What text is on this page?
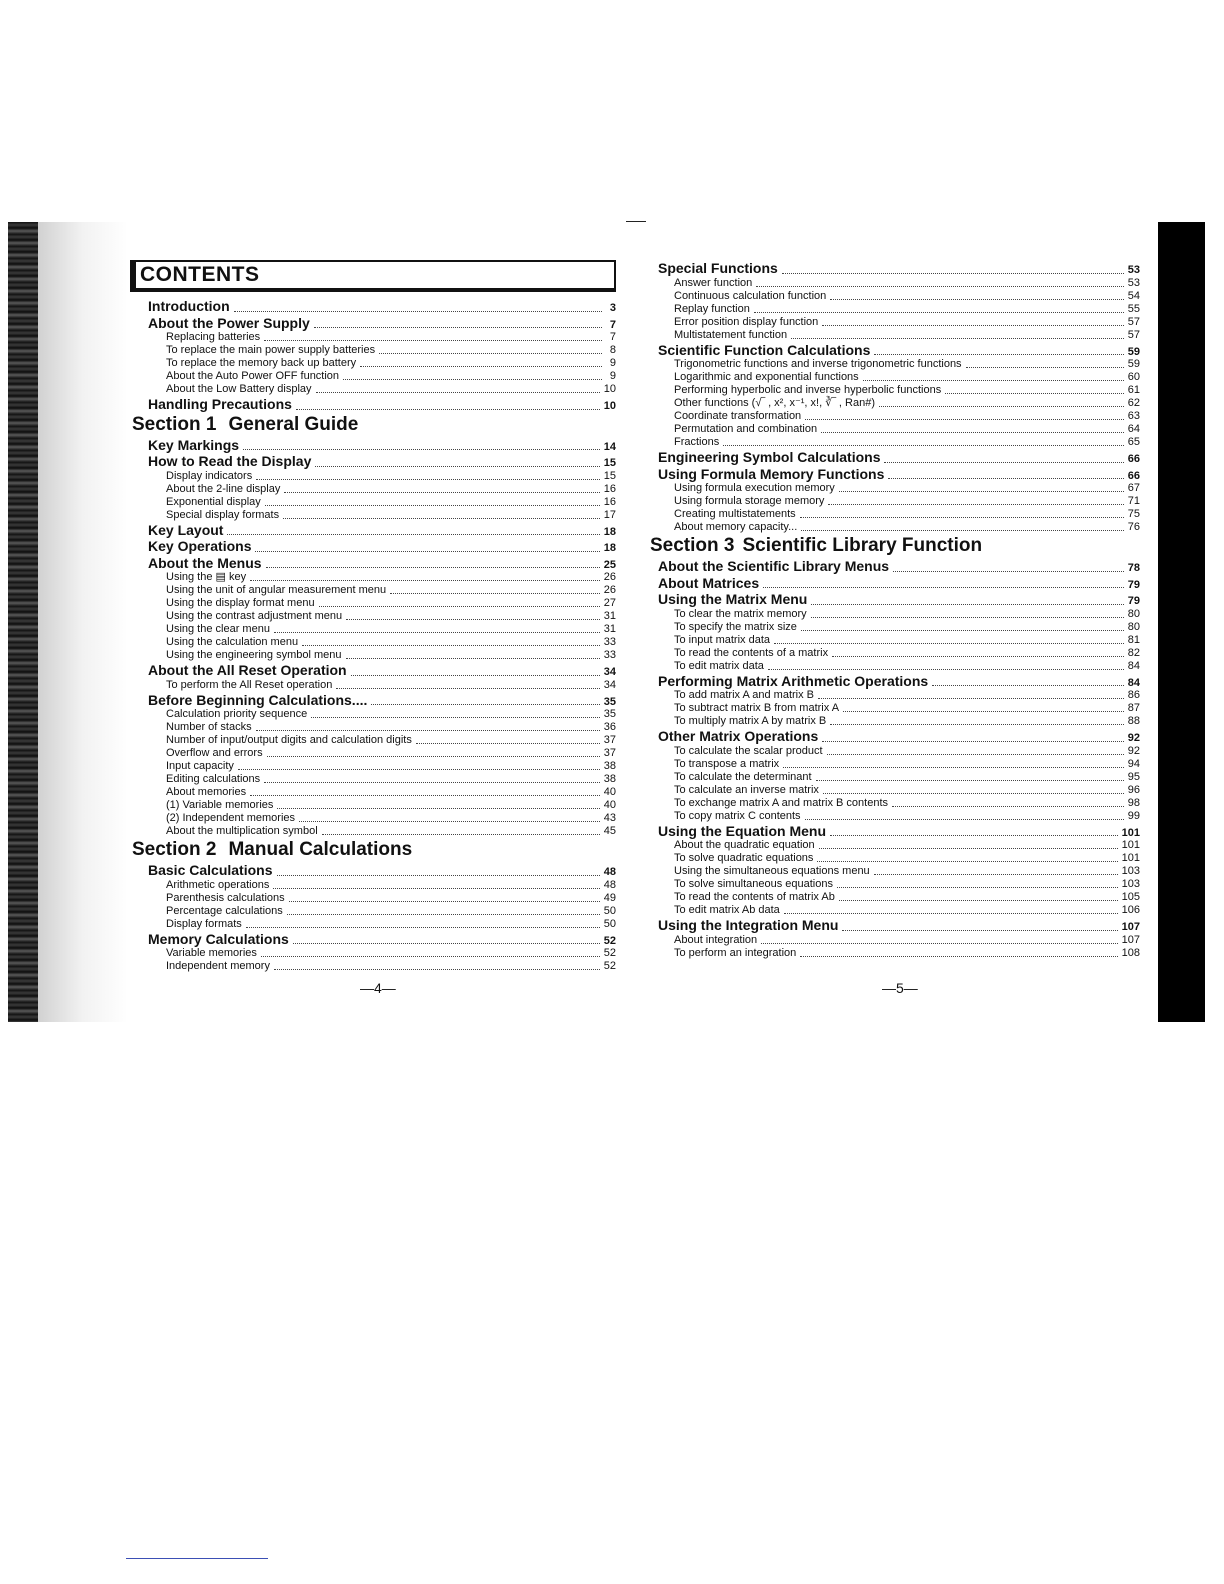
CONTENTS
Introduction	3
About the Power Supply	7
Replacing batteries	7
To replace the main power supply batteries	8
To replace the memory back up battery	9
About the Auto Power OFF function	9
About the Low Battery display	10
Handling Precautions	10
Section 1 General Guide
Key Markings	14
How to Read the Display	15
Display indicators	15
About the 2-line display	16
Exponential display	16
Special display formats	17
Key Layout	18
Key Operations	18
About the Menus	25
Using the ▤ key	26
Using the unit of angular measurement menu	26
Using the display format menu	27
Using the contrast adjustment menu	31
Using the clear menu	31
Using the calculation menu	33
Using the engineering symbol menu	33
About the All Reset Operation	34
To perform the All Reset operation	34
Before Beginning Calculations....	35
Calculation priority sequence	35
Number of stacks	36
Number of input/output digits and calculation digits	37
Overflow and errors	37
Input capacity	38
Editing calculations	38
About memories	40
(1) Variable memories	40
(2) Independent memories	43
About the multiplication symbol	45
Section 2 Manual Calculations
Basic Calculations	48
Arithmetic operations	48
Parenthesis calculations	49
Percentage calculations	50
Display formats	50
Memory Calculations	52
Variable memories	52
Independent memory	52
Special Functions	53
Answer function	53
Continuous calculation function	54
Replay function	55
Error position display function	57
Multistatement function	57
Scientific Function Calculations	59
Trigonometric functions and inverse trigonometric functions	59
Logarithmic and exponential functions	60
Performing hyperbolic and inverse hyperbolic functions	61
Other functions (√‾ , x², x⁻¹, x!, ∛‾ , Ran#)	62
Coordinate transformation	63
Permutation and combination	64
Fractions	65
Engineering Symbol Calculations	66
Using Formula Memory Functions	66
Using formula execution memory	67
Using formula storage memory	71
Creating multistatements	75
About memory capacity...	76
Section 3 Scientific Library Function
About the Scientific Library Menus	78
About Matrices	79
Using the Matrix Menu	79
To clear the matrix memory	80
To specify the matrix size	80
To input matrix data	81
To read the contents of a matrix	82
To edit matrix data	84
Performing Matrix Arithmetic Operations	84
To add matrix A and matrix B	86
To subtract matrix B from matrix A	87
To multiply matrix A by matrix B	88
Other Matrix Operations	92
To calculate the scalar product	92
To transpose a matrix	94
To calculate the determinant	95
To calculate an inverse matrix	96
To exchange matrix A and matrix B contents	98
To copy matrix C contents	99
Using the Equation Menu	101
About the quadratic equation	101
To solve quadratic equations	101
Using the simultaneous equations menu	103
To solve simultaneous equations	103
To read the contents of matrix Ab	105
To edit matrix Ab data	106
Using the Integration Menu	107
About integration	107
To perform an integration	108
—4—	—5—
